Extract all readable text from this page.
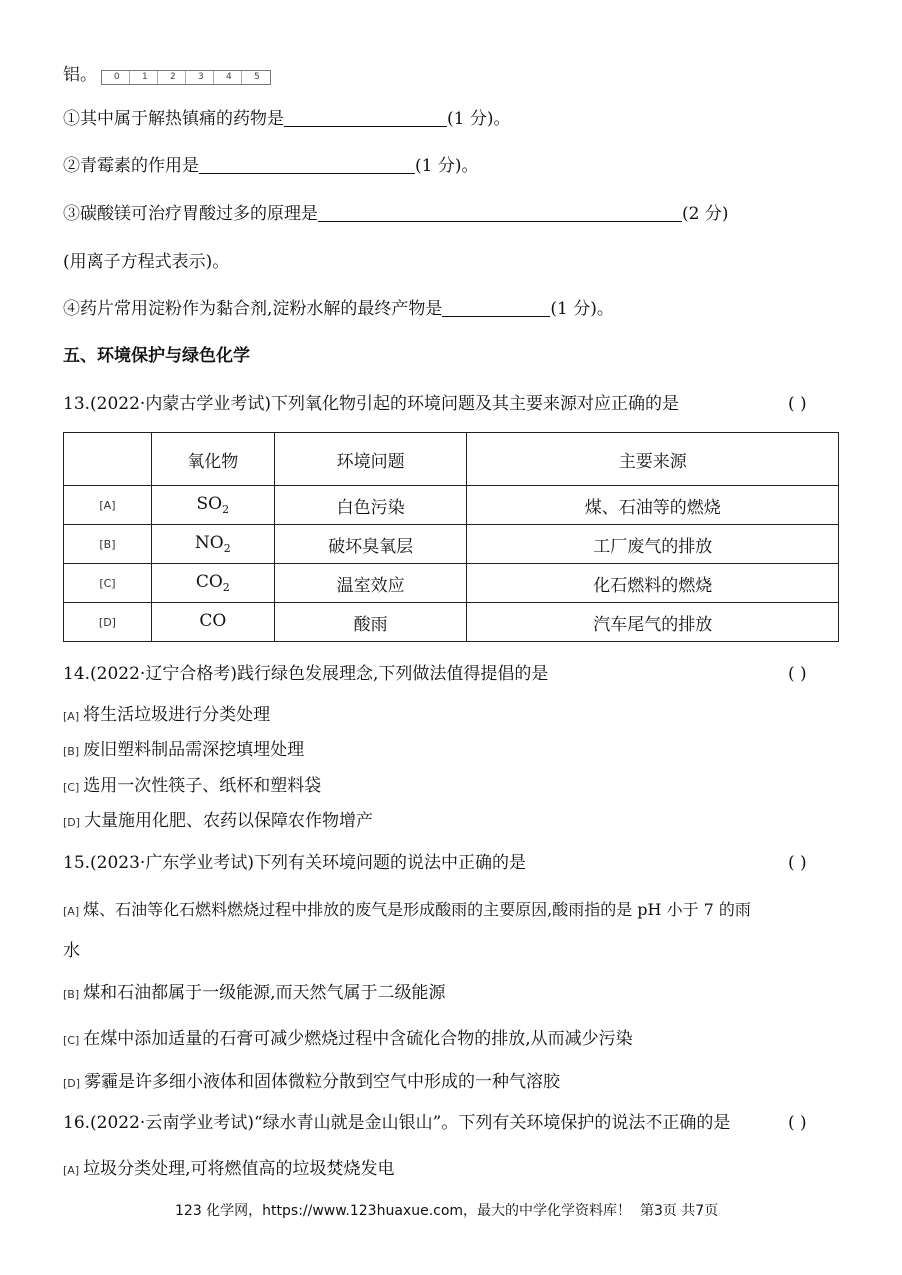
铝。	0	1	2	3	4	5
①其中属于解热镇痛的药物是	(1 分)。
②青霉素的作用是	(1 分)。
③碳酸镁可治疗胃酸过多的原理是	(2 分)
(用离子方程式表示)。
④药片常用淀粉作为黏合剂,淀粉水解的最终产物是	(1 分)。
五、环境保护与绿色化学
13.(2022·内蒙古学业考试)下列氧化物引起的环境问题及其主要来源对应正确的是	( )
	氧化物	环境问题	主要来源
[A]	$SO_2$	白色污染	煤、石油等的燃烧
[B]	$NO_2$	破坏臭氧层	工厂废气的排放
[C]	$CO_2$	温室效应	化石燃料的燃烧
[D]	CO	酸雨	汽车尾气的排放
14.(2022·辽宁合格考)践行绿色发展理念,下列做法值得提倡的是	( )
[A] 将生活垃圾进行分类处理
[B] 废旧塑料制品需深挖填埋处理
[C] 选用一次性筷子、纸杯和塑料袋
[D] 大量施用化肥、农药以保障农作物增产
15.(2023·广东学业考试)下列有关环境问题的说法中正确的是	( )
[A] 煤、石油等化石燃料燃烧过程中排放的废气是形成酸雨的主要原因,酸雨指的是 pH 小于 7 的雨
水
[B] 煤和石油都属于一级能源,而天然气属于二级能源
[C] 在煤中添加适量的石膏可减少燃烧过程中含硫化合物的排放,从而减少污染
[D] 雾霾是许多细小液体和固体微粒分散到空气中形成的一种气溶胶
16.(2022·云南学业考试)“绿水青山就是金山银山”。下列有关环境保护的说法不正确的是	( )
[A] 垃圾分类处理,可将燃值高的垃圾焚烧发电
123 化学网，https://www.123huaxue.com，最大的中学化学资料库！ 第3页 共7页
